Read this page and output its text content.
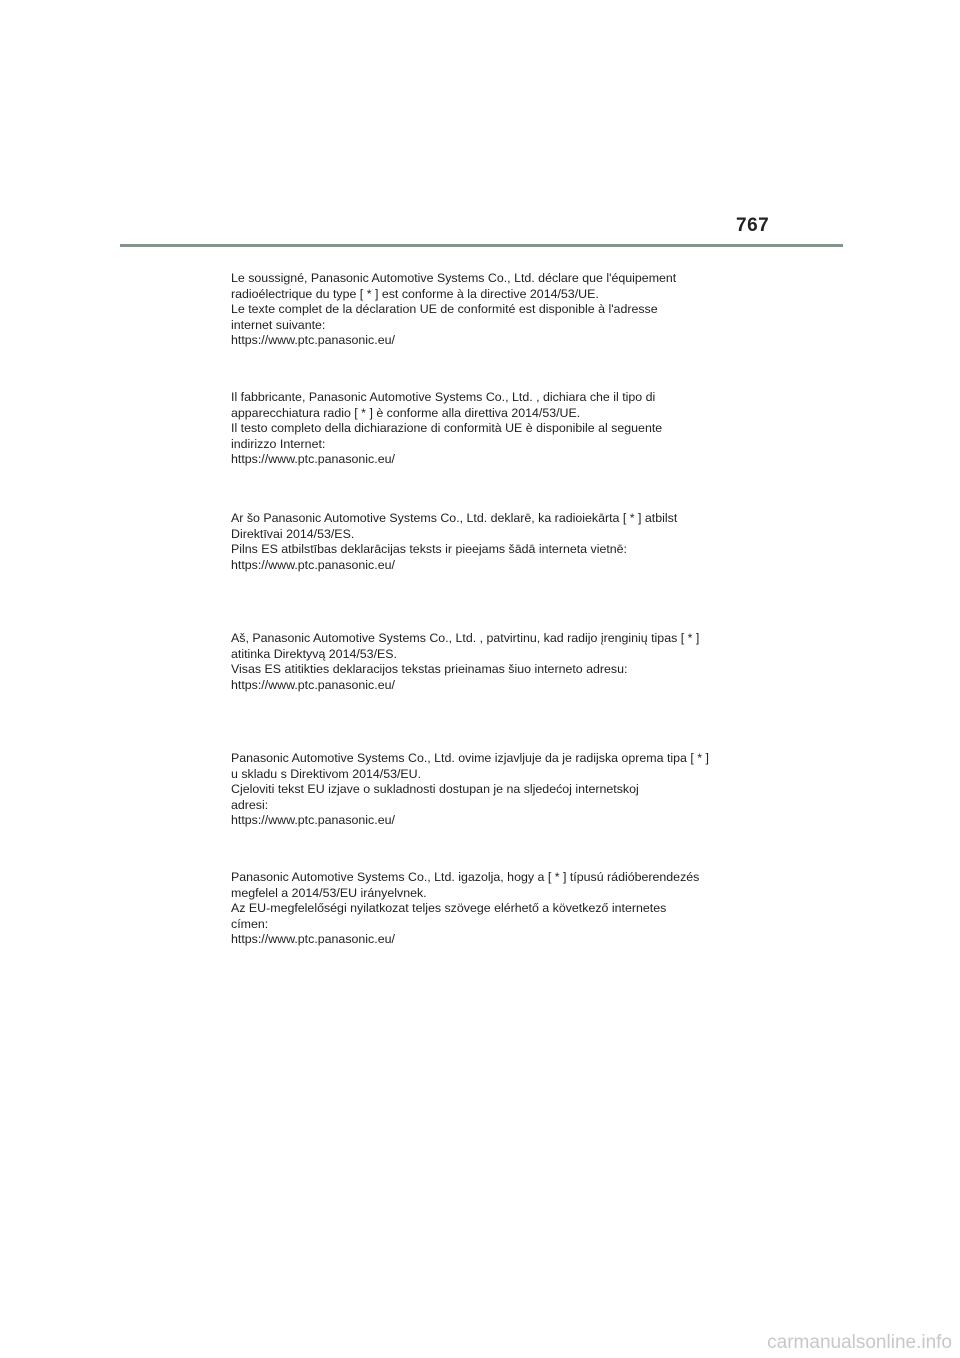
767
Le soussigné, Panasonic Automotive Systems Co., Ltd. déclare que l'équipement
radioélectrique du type [ * ] est conforme à la directive 2014/53/UE.
Le texte complet de la déclaration UE de conformité est disponible à l'adresse
internet suivante:
https://www.ptc.panasonic.eu/
Il fabbricante, Panasonic Automotive Systems Co., Ltd. , dichiara che il tipo di
apparecchiatura radio [ * ] è conforme alla direttiva 2014/53/UE.
Il testo completo della dichiarazione di conformità UE è disponibile al seguente
indirizzo Internet:
https://www.ptc.panasonic.eu/
Ar šo Panasonic Automotive Systems Co., Ltd. deklarē, ka radioiekārta [ * ] atbilst
Direktīvai 2014/53/ES.
Pilns ES atbilstības deklarācijas teksts ir pieejams šādā interneta vietnē:
https://www.ptc.panasonic.eu/
Aš, Panasonic Automotive Systems Co., Ltd. , patvirtinu, kad radijo įrenginių tipas [ * ]
atitinka Direktyvą 2014/53/ES.
Visas ES atitikties deklaracijos tekstas prieinamas šiuo interneto adresu:
https://www.ptc.panasonic.eu/
Panasonic Automotive Systems Co., Ltd. ovime izjavljuje da je radijska oprema tipa [ * ]
u skladu s Direktivom 2014/53/EU.
Cjeloviti tekst EU izjave o sukladnosti dostupan je na sljedećoj internetskoj
adresi:
https://www.ptc.panasonic.eu/
Panasonic Automotive Systems Co., Ltd. igazolja, hogy a [ * ] típusú rádióberendezés
megfelel a 2014/53/EU irányelvnek.
Az EU-megfelelőségi nyilatkozat teljes szövege elérhető a következő internetes
címen:
https://www.ptc.panasonic.eu/
carmanualsonline.info
